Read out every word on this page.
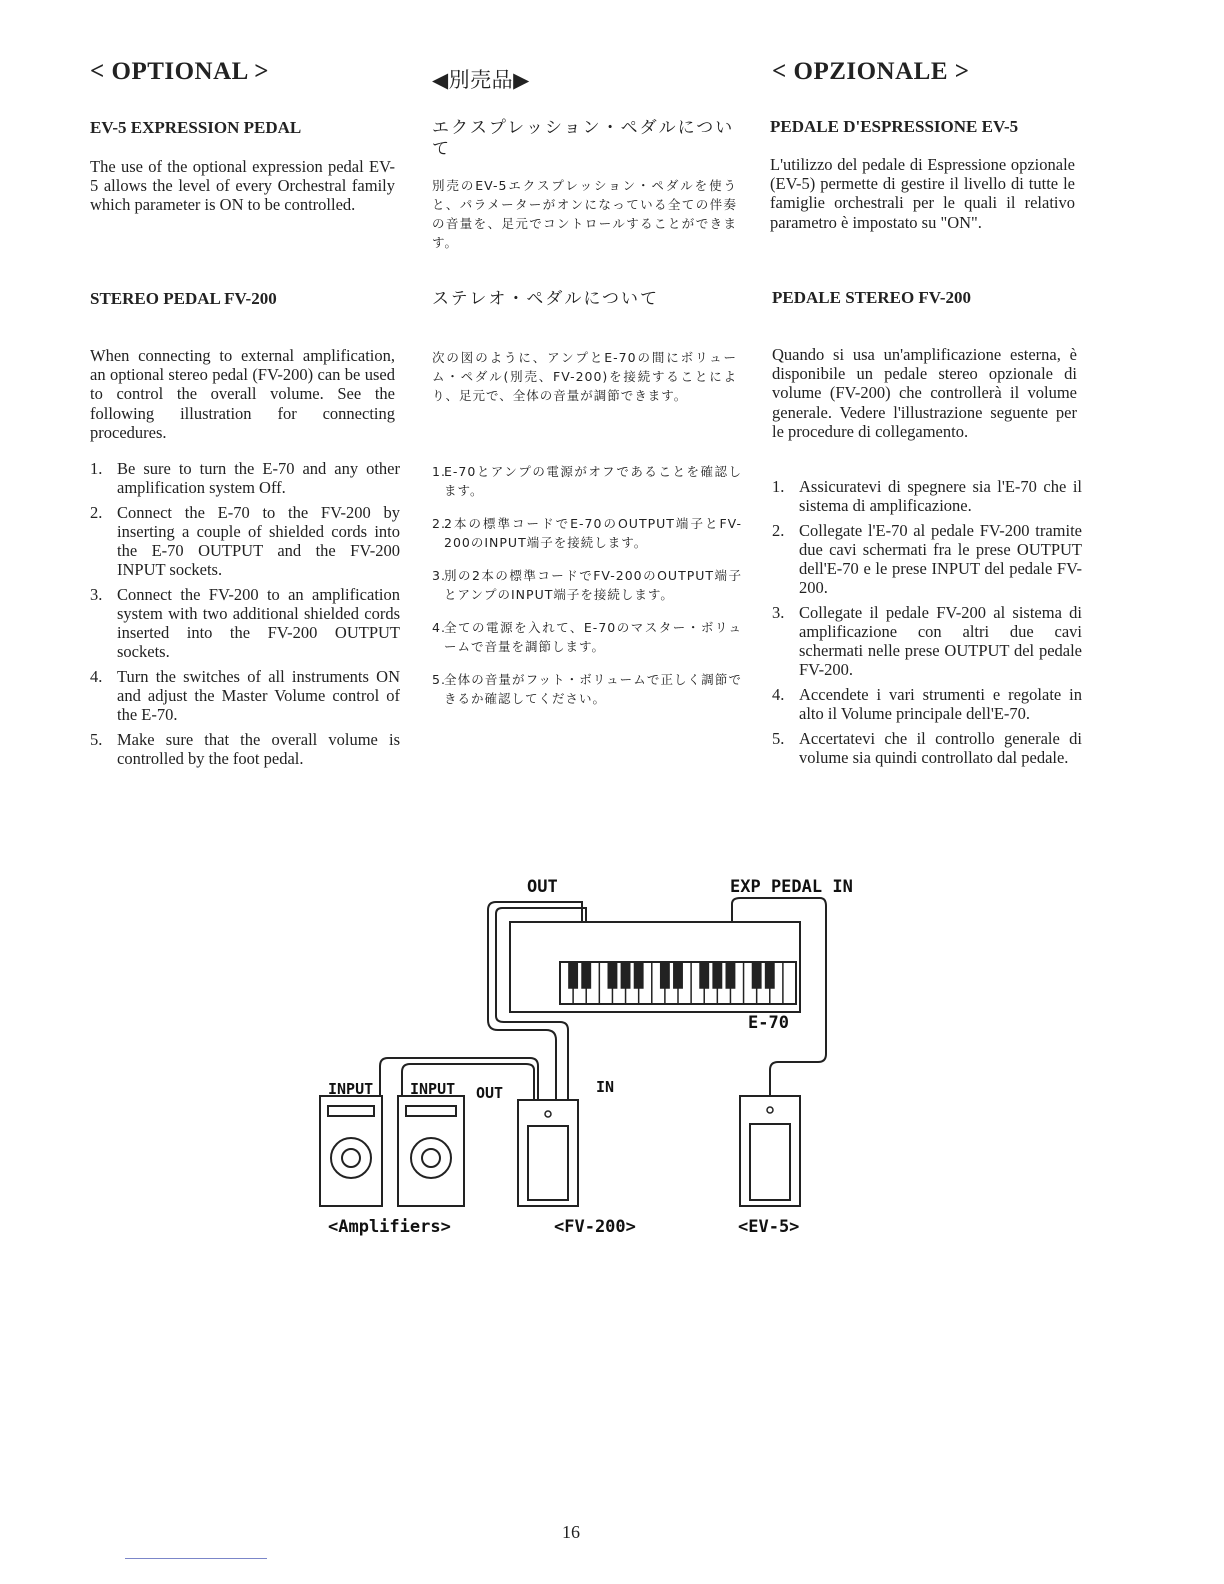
< OPTIONAL >
EV-5 EXPRESSION PEDAL

The use of the optional expression pedal EV-5 allows the level of every Orchestral family which parameter is ON to be controlled.

STEREO PEDAL FV-200

When connecting to external amplification, an optional stereo pedal (FV-200) can be used to control the overall volume. See the following illustration for connecting procedures.

1. Be sure to turn the E-70 and any other amplification system Off.
2. Connect the E-70 to the FV-200 by inserting a couple of shielded cords into the E-70 OUTPUT and the FV-200 INPUT sockets.
3. Connect the FV-200 to an amplification system with two additional shielded cords inserted into the FV-200 OUTPUT sockets.
4. Turn the switches of all instruments ON and adjust the Master Volume control of the E-70.
5. Make sure that the overall volume is controlled by the foot pedal.
◀別売品▶
エクスプレッション・ペダルについて

別売のEV-5エクスプレッション・ペダルを使うと、パラメーターがオンになっている全ての伴奏の音量を、足元でコントロールすることができます。

ステレオ・ペダルについて

次の図のように、アンプとE-70の間にボリューム・ペダル(別売、FV-200)を接続することにより、足元で、全体の音量が調節できます。

1.
E-70とアンプの電源がオフであることを確認します。
2.
2本の標準コードでE-70のOUTPUT端子とFV-200のINPUT端子を接続します。
3.
別の2本の標準コードでFV-200のOUTPUT端子とアンプのINPUT端子を接続します。
4.
全ての電源を入れて、E-70のマスター・ボリュームで音量を調節します。
5.
全体の音量がフット・ボリュームで正しく調節できるか確認してください。
< OPZIONALE >
PEDALE D'ESPRESSIONE EV-5

L'utilizzo del pedale di Espressione opzionale (EV-5) permette di gestire il livello di tutte le famiglie orchestrali per le quali il relativo parametro è impostato su "ON".

PEDALE STEREO FV-200

Quando si usa un'amplificazione esterna, è disponibile un pedale stereo opzionale di volume (FV-200) che controllerà il volume generale. Vedere l'illustrazione seguente per le procedure di collegamento.

1. Assicuratevi di spegnere sia l'E-70 che il sistema di amplificazione.
2. Collegate l'E-70 al pedale FV-200 tramite due cavi schermati fra le prese OUTPUT dell'E-70 e le prese INPUT del pedale FV-200.
3. Collegate il pedale FV-200 al sistema di amplificazione con altri due cavi schermati nelle prese OUTPUT del pedale FV-200.
4. Accendete i vari strumenti e regolate in alto il Volume principale dell'E-70.
5. Accertatevi che il controllo generale di volume sia quindi controllato dal pedale.
OUT	EXP PEDAL IN
E-70
INPUT INPUT OUT	IN
<Amplifiers>	<FV-200>	<EV-5>
16
